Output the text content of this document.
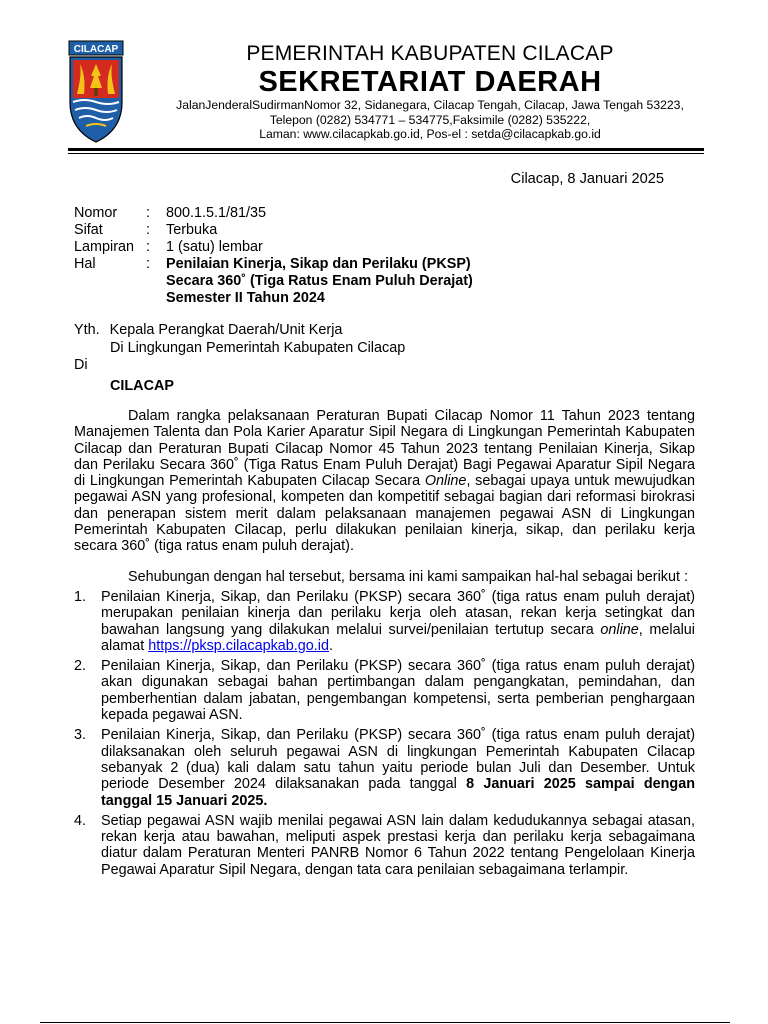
CILACAP	PEMERINTAH KABUPATEN CILACAP
SEKRETARIAT DAERAH
JalanJenderalSudirmanNomor 32, Sidanegara, Cilacap Tengah, Cilacap, Jawa Tengah 53223,
Telepon (0282) 534771 – 534775,Faksimile (0282) 535222,
Laman: www.cilacapkab.go.id, Pos-el : setda@cilacapkab.go.id
Cilacap, 8 Januari 2025
Nomor	:	800.1.5.1/81/35
Sifat	:	Terbuka
Lampiran :	1 (satu) lembar
Hal	:	Penilaian Kinerja, Sikap dan Perilaku (PKSP)
Secara 360˚ (Tiga Ratus Enam Puluh Derajat)
Semester II Tahun 2024
Yth. Kepala Perangkat Daerah/Unit Kerja
Di Lingkungan Pemerintah Kabupaten Cilacap
Di
CILACAP

Dalam rangka pelaksanaan Peraturan Bupati Cilacap Nomor 11 Tahun 2023 tentang Manajemen Talenta dan Pola Karier Aparatur Sipil Negara di Lingkungan Pemerintah Kabupaten Cilacap dan Peraturan Bupati Cilacap Nomor 45 Tahun 2023 tentang Penilaian Kinerja, Sikap dan Perilaku Secara 360˚ (Tiga Ratus Enam Puluh Derajat) Bagi Pegawai Aparatur Sipil Negara di Lingkungan Pemerintah Kabupaten Cilacap Secara Online, sebagai upaya untuk mewujudkan pegawai ASN yang profesional, kompeten dan kompetitif sebagai bagian dari reformasi birokrasi dan penerapan sistem merit dalam pelaksanaan manajemen pegawai ASN di Lingkungan Pemerintah Kabupaten Cilacap, perlu dilakukan penilaian kinerja, sikap, dan perilaku kerja secara 360˚ (tiga ratus enam puluh derajat).

Sehubungan dengan hal tersebut, bersama ini kami sampaikan hal-hal sebagai berikut :

1. Penilaian Kinerja, Sikap, dan Perilaku (PKSP) secara 360˚ (tiga ratus enam puluh derajat) merupakan penilaian kinerja dan perilaku kerja oleh atasan, rekan kerja setingkat dan bawahan langsung yang dilakukan melalui survei/penilaian tertutup secara online, melalui alamat https://pksp.cilacapkab.go.id.
2. Penilaian Kinerja, Sikap, dan Perilaku (PKSP) secara 360˚ (tiga ratus enam puluh derajat) akan digunakan sebagai bahan pertimbangan dalam pengangkatan, pemindahan, dan pemberhentian dalam jabatan, pengembangan kompetensi, serta pemberian penghargaan kepada pegawai ASN.
3. Penilaian Kinerja, Sikap, dan Perilaku (PKSP) secara 360˚ (tiga ratus enam puluh derajat) dilaksanakan oleh seluruh pegawai ASN di lingkungan Pemerintah Kabupaten Cilacap sebanyak 2 (dua) kali dalam satu tahun yaitu periode bulan Juli dan Desember. Untuk periode Desember 2024 dilaksanakan pada tanggal 8 Januari 2025 sampai dengan tanggal 15 Januari 2025.
4. Setiap pegawai ASN wajib menilai pegawai ASN lain dalam kedudukannya sebagai atasan, rekan kerja atau bawahan, meliputi aspek prestasi kerja dan perilaku kerja sebagaimana diatur dalam Peraturan Menteri PANRB Nomor 6 Tahun 2022 tentang Pengelolaan Kinerja Pegawai Aparatur Sipil Negara, dengan tata cara penilaian sebagaimana terlampir.
